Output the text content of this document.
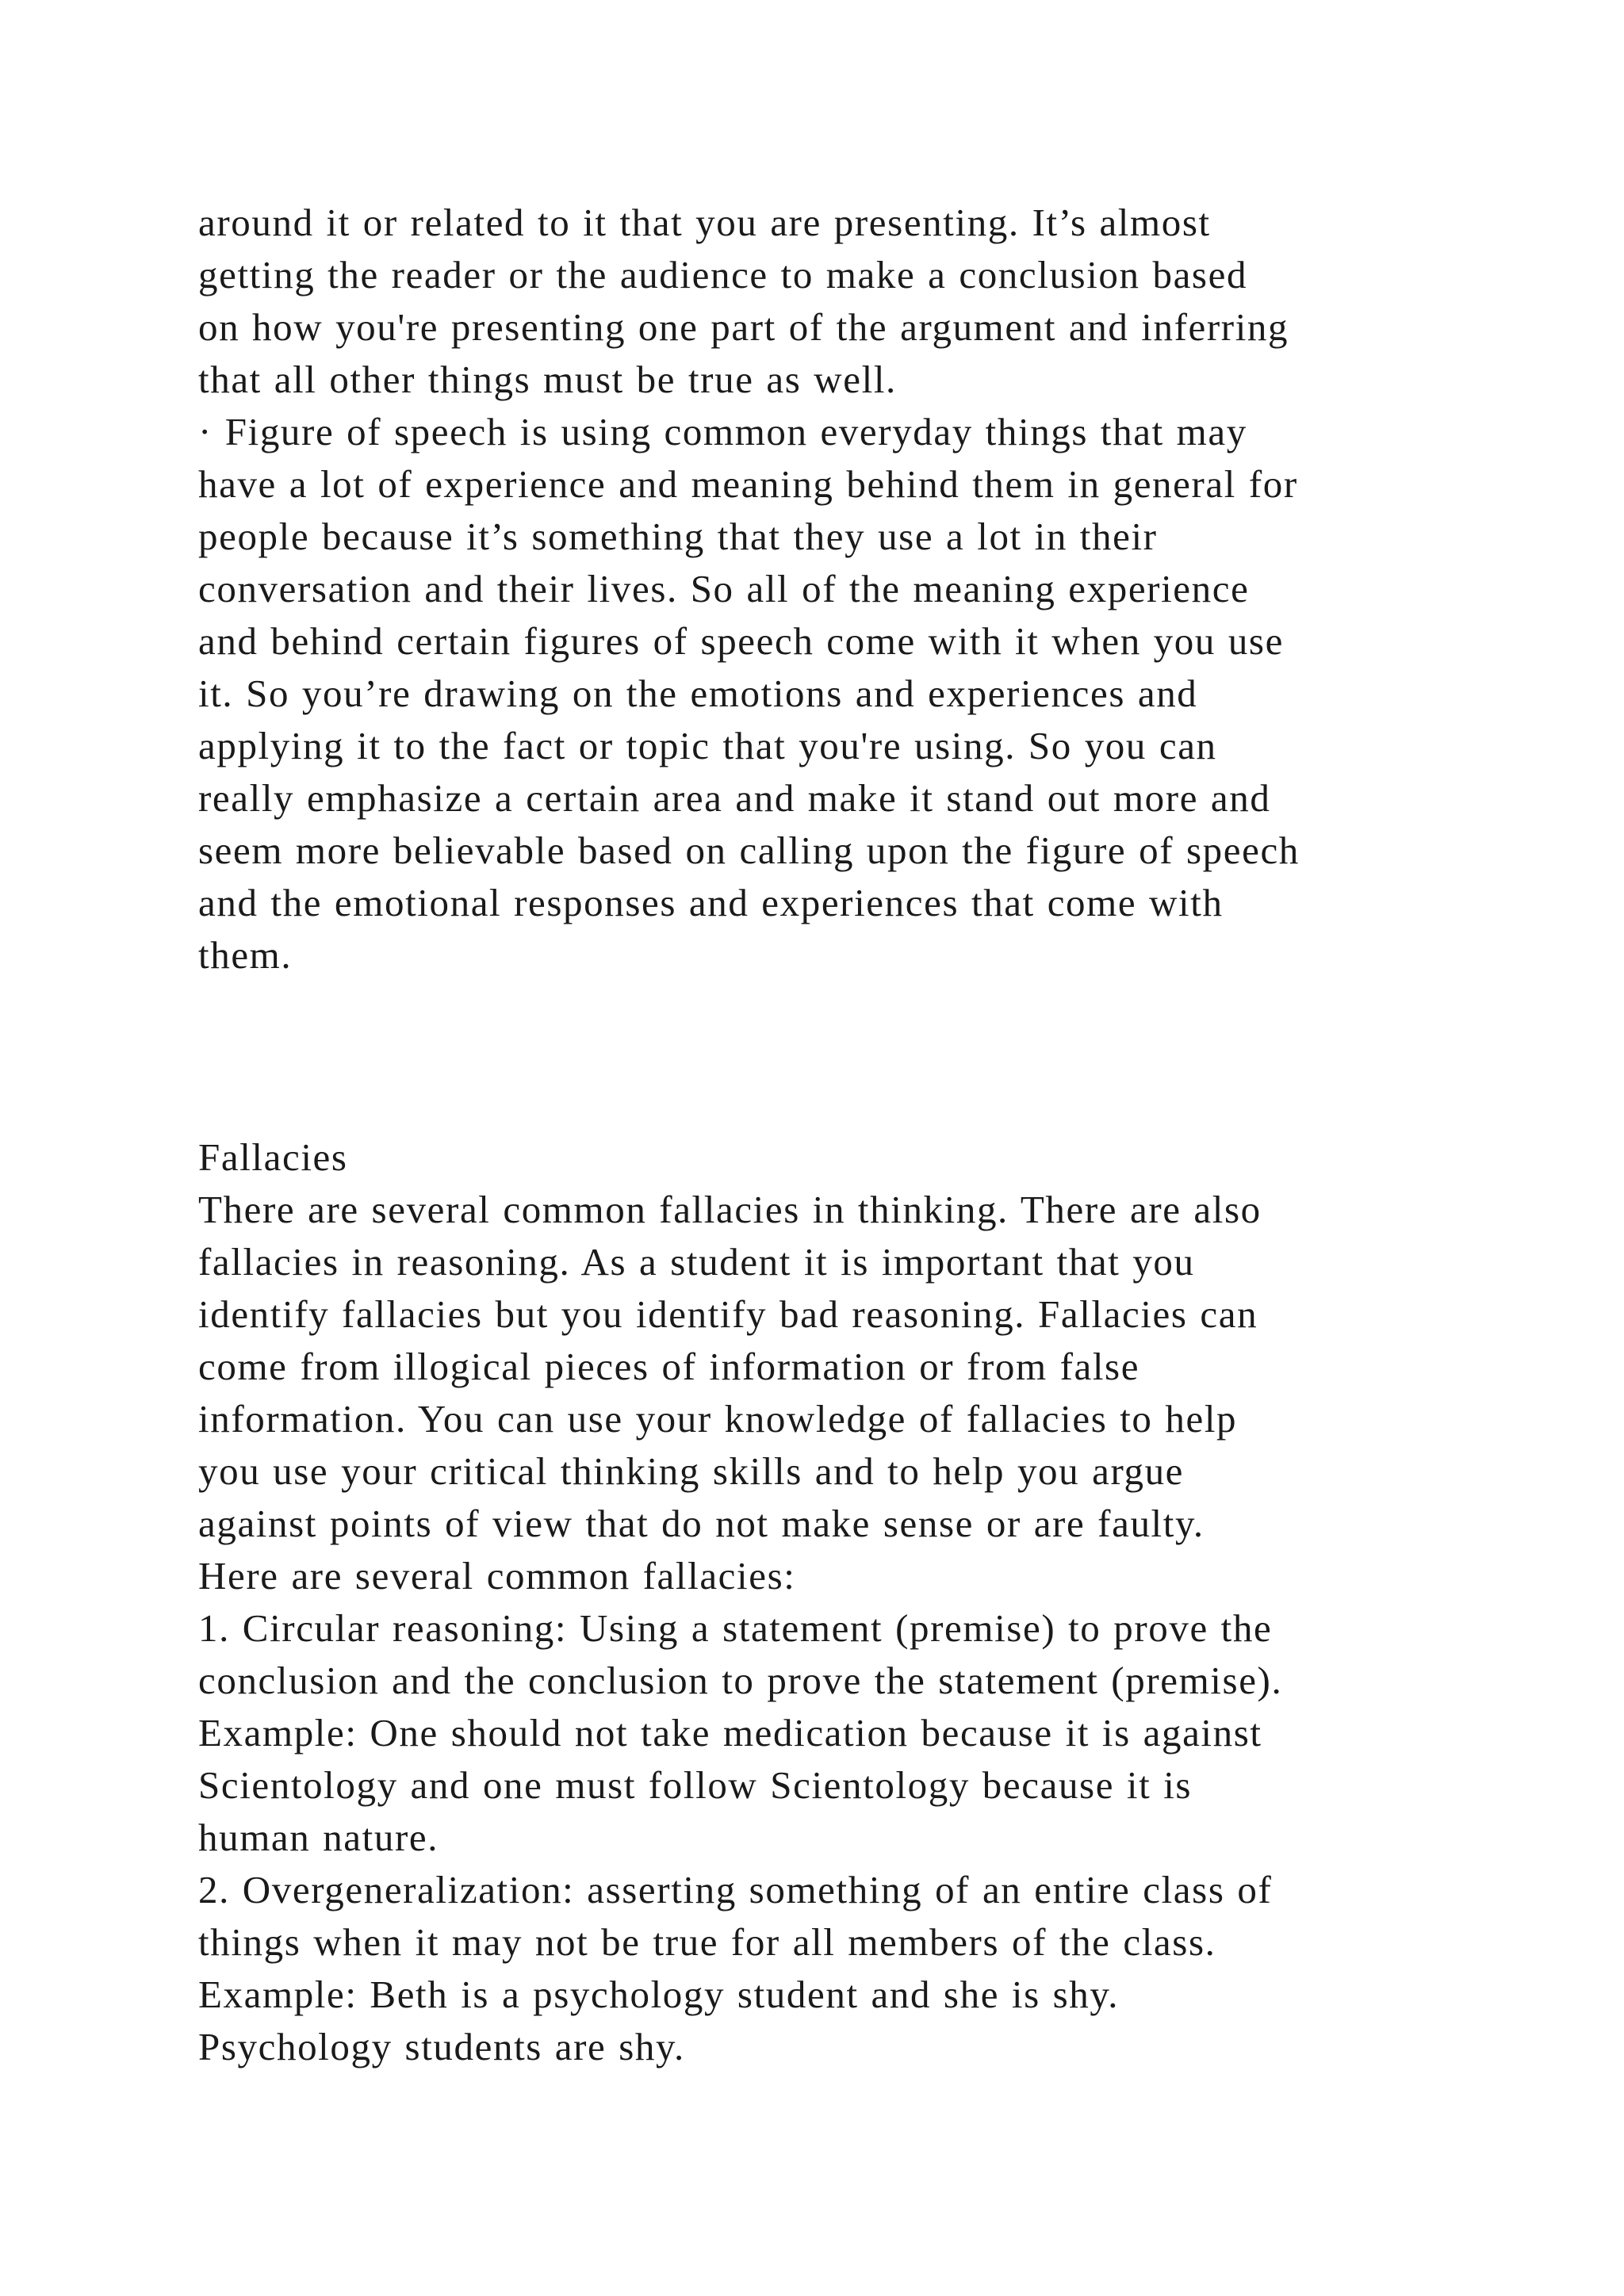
around it or related to it that you are presenting. It’s almost
getting the reader or the audience to make a conclusion based
on how you're presenting one part of the argument and inferring
that all other things must be true as well.
· Figure of speech is using common everyday things that may
have a lot of experience and meaning behind them in general for
people because it’s something that they use a lot in their
conversation and their lives. So all of the meaning experience
and behind certain figures of speech come with it when you use
it. So you’re drawing on the emotions and experiences and
applying it to the fact or topic that you're using. So you can
really emphasize a certain area and make it stand out more and
seem more believable based on calling upon the figure of speech
and the emotional responses and experiences that come with
them.
Fallacies
There are several common fallacies in thinking. There are also
fallacies in reasoning. As a student it is important that you
identify fallacies but you identify bad reasoning. Fallacies can
come from illogical pieces of information or from false
information. You can use your knowledge of fallacies to help
you use your critical thinking skills and to help you argue
against points of view that do not make sense or are faulty.
Here are several common fallacies:
1. Circular reasoning: Using a statement (premise) to prove the
conclusion and the conclusion to prove the statement (premise).
Example: One should not take medication because it is against
Scientology and one must follow Scientology because it is
human nature.
2. Overgeneralization: asserting something of an entire class of
things when it may not be true for all members of the class.
Example: Beth is a psychology student and she is shy.
Psychology students are shy.
